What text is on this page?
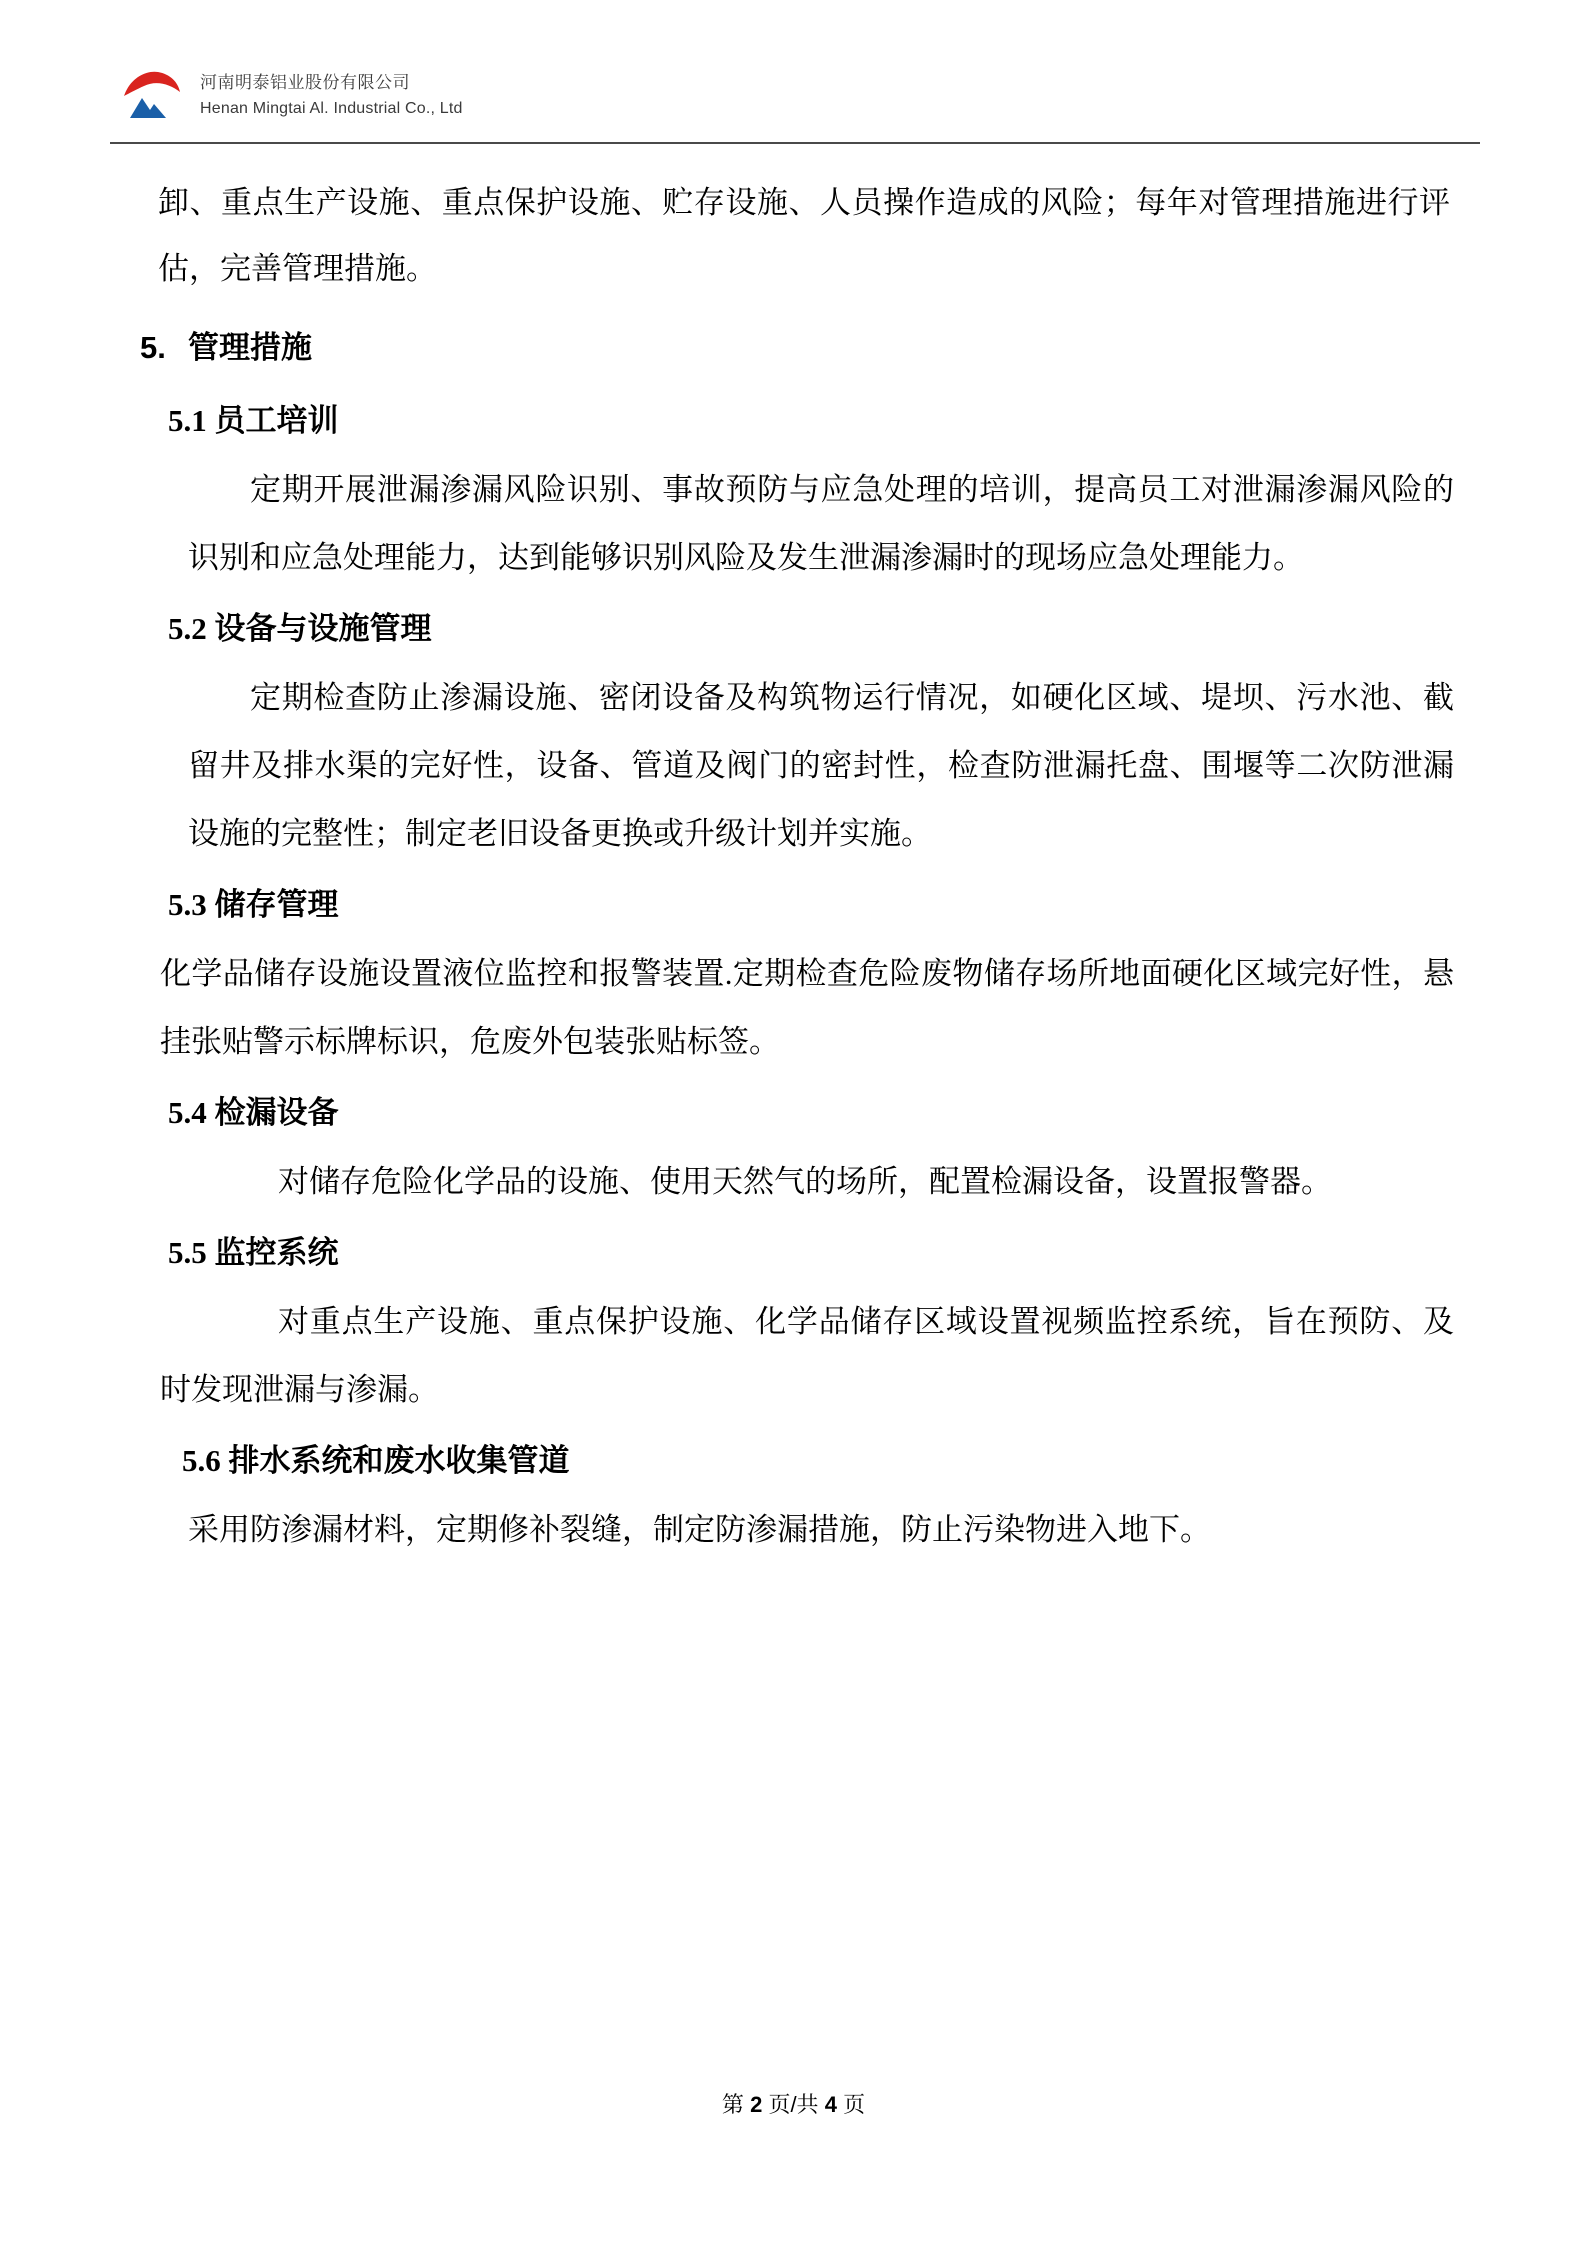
河南明泰铝业股份有限公司
Henan Mingtai Al. Industrial Co., Ltd

卸、重点生产设施、重点保护设施、贮存设施、人员操作造成的风险；每年对管理措施进行评估，完善管理措施。

5. 管理措施
5.1 员工培训

定期开展泄漏渗漏风险识别、事故预防与应急处理的培训，提高员工对泄漏渗漏风险的识别和应急处理能力，达到能够识别风险及发生泄漏渗漏时的现场应急处理能力。

5.2 设备与设施管理

定期检查防止渗漏设施、密闭设备及构筑物运行情况，如硬化区域、堤坝、污水池、截留井及排水渠的完好性，设备、管道及阀门的密封性，检查防泄漏托盘、围堰等二次防泄漏设施的完整性；制定老旧设备更换或升级计划并实施。

5.3 储存管理

化学品储存设施设置液位监控和报警装置.定期检查危险废物储存场所地面硬化区域完好性，悬挂张贴警示标牌标识，危废外包装张贴标签。

5.4 检漏设备

对储存危险化学品的设施、使用天然气的场所，配置检漏设备，设置报警器。

5.5 监控系统

对重点生产设施、重点保护设施、化学品储存区域设置视频监控系统，旨在预防、及时发现泄漏与渗漏。

5.6 排水系统和废水收集管道

采用防渗漏材料，定期修补裂缝，制定防渗漏措施，防止污染物进入地下。

第 2 页/共 4 页
